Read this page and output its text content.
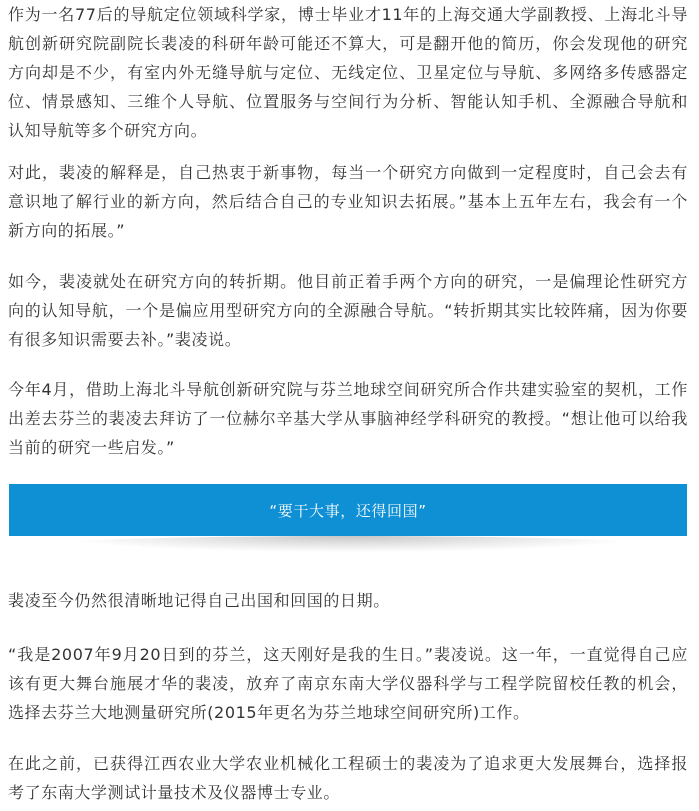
作为一名77后的导航定位领域科学家，博士毕业才11年的上海交通大学副教授、上海北斗导航创新研究院副院长裴凌的科研年龄可能还不算大，可是翻开他的简历，你会发现他的研究方向却是不少，有室内外无缝导航与定位、无线定位、卫星定位与导航、多网络多传感器定位、情景感知、三维个人导航、位置服务与空间行为分析、智能认知手机、全源融合导航和认知导航等多个研究方向。

对此，裴凌的解释是，自己热衷于新事物，每当一个研究方向做到一定程度时，自己会去有意识地了解行业的新方向，然后结合自己的专业知识去拓展。”基本上五年左右，我会有一个新方向的拓展。”

如今，裴凌就处在研究方向的转折期。他目前正着手两个方向的研究，一是偏理论性研究方向的认知导航，一个是偏应用型研究方向的全源融合导航。“转折期其实比较阵痛，因为你要有很多知识需要去补。”裴凌说。

今年4月，借助上海北斗导航创新研究院与芬兰地球空间研究所合作共建实验室的契机，工作出差去芬兰的裴凌去拜访了一位赫尔辛基大学从事脑神经学科研究的教授。“想让他可以给我当前的研究一些启发。”

“要干大事，还得回国”

裴凌至今仍然很清晰地记得自己出国和回国的日期。

“我是2007年9月20日到的芬兰，这天刚好是我的生日。”裴凌说。这一年，一直觉得自己应该有更大舞台施展才华的裴凌，放弃了南京东南大学仪器科学与工程学院留校任教的机会，选择去芬兰大地测量研究所(2015年更名为芬兰地球空间研究所)工作。

在此之前，已获得江西农业大学农业机械化工程硕士的裴凌为了追求更大发展舞台，选择报考了东南大学测试计量技术及仪器博士专业。
